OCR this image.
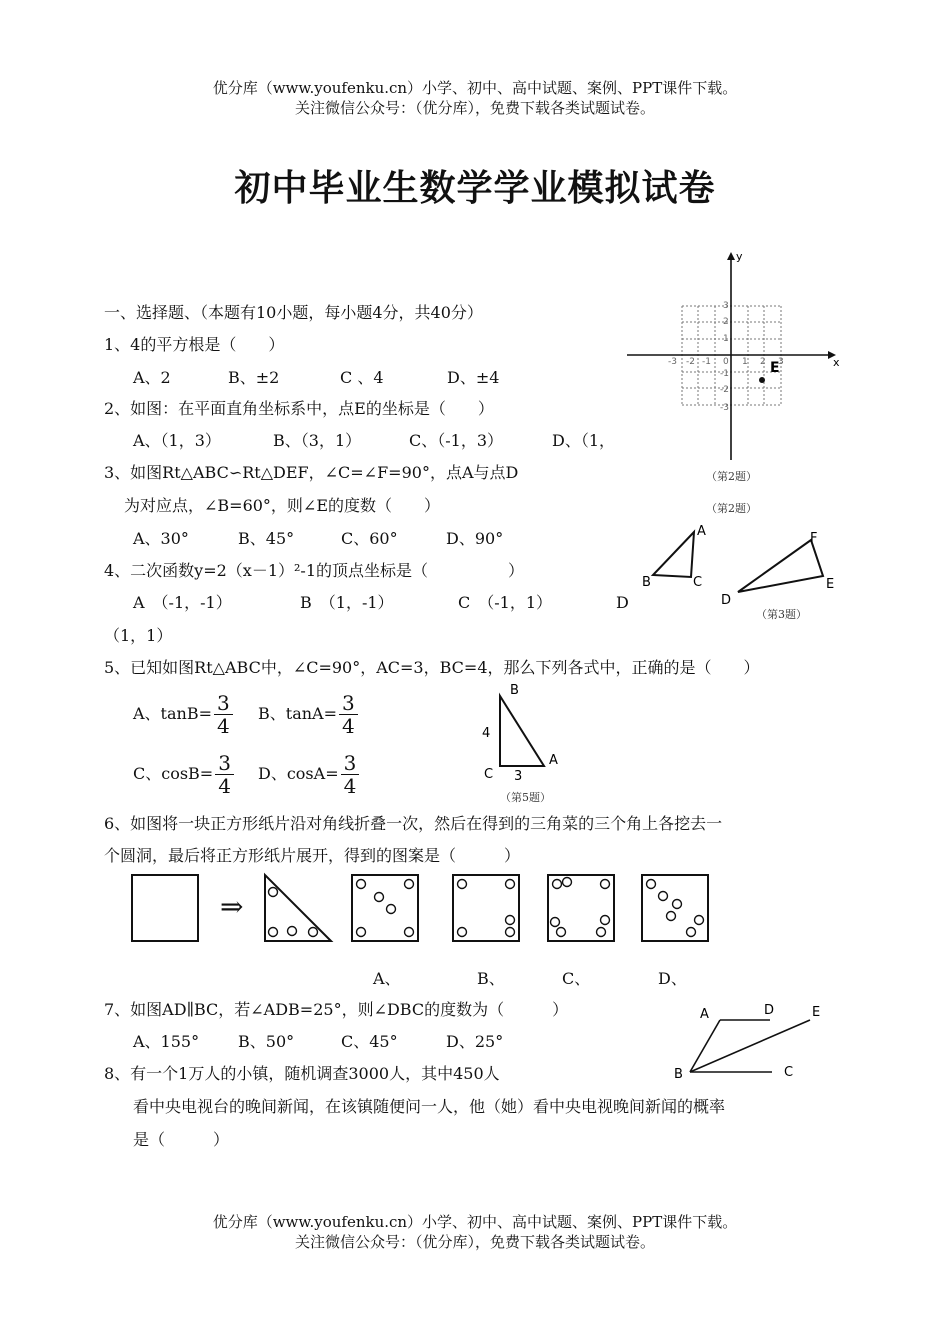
优分库（www.youfenku.cn）小学、初中、高中试题、案例、PPT课件下载。
关注微信公众号：（优分库），免费下载各类试题试卷。
初中毕业生数学学业模拟试卷
一、选择题、（本题有10小题，每小题4分，共40分）
1、4的平方根是（　　）
A、2	B、±2	C 、4	D、±4
2、如图：在平面直角坐标系中，点E的坐标是（　　）
A、（1，3）	B、（3，1）	C、（-1，3）	D、（1，
3、如图Rt△ABC∽Rt△DEF，∠C=∠F=90°，点A与点D
为对应点，∠B=60°，则∠E的度数（　　）
A、30°	B、45°	C、60°	D、90°
4、二次函数y=2（x－1）²-1的顶点坐标是（　　　　　）
A　（-1，-1）	B　（1，-1）	C　（-1，1）	D
（1，1）
5、已知如图Rt△ABC中，∠C=90°，AC=3，BC=4，那么下列各式中，正确的是（　　）
A、$\tan B= \frac{3}{4}$ B、$\tan A= \frac{3}{4}$
C、$\cos B= \frac{3}{4}$ D、$\cos A= \frac{3}{4}$
6、如图将一块正方形纸片沿对角线折叠一次，然后在得到的三角菜的三个角上各挖去一
个圆洞，最后将正方形纸片展开，得到的图案是（　　　）
⇒
A、	B、	C、	D、
7、如图AD∥BC，若∠ADB=25°，则∠DBC的度数为（　　　）
A、155° B、50°	C、45°	D、25°
8、有一个1万人的小镇，随机调查3000人，其中450人
看中央电视台的晚间新闻，在该镇随便问一人，他（她）看中央电视晚间新闻的概率
是（　　　）
x
y
-3 -2 -1 0 1 2 3
3
2
1
-1
-2
-3
E
（第2题）
（第2题）
A
B	C
D
E
F
（第3题）
B
4
C 3
A
（第5题）
A	D	E
B	C
优分库（www.youfenku.cn）小学、初中、高中试题、案例、PPT课件下载。
关注微信公众号：（优分库），免费下载各类试题试卷。
